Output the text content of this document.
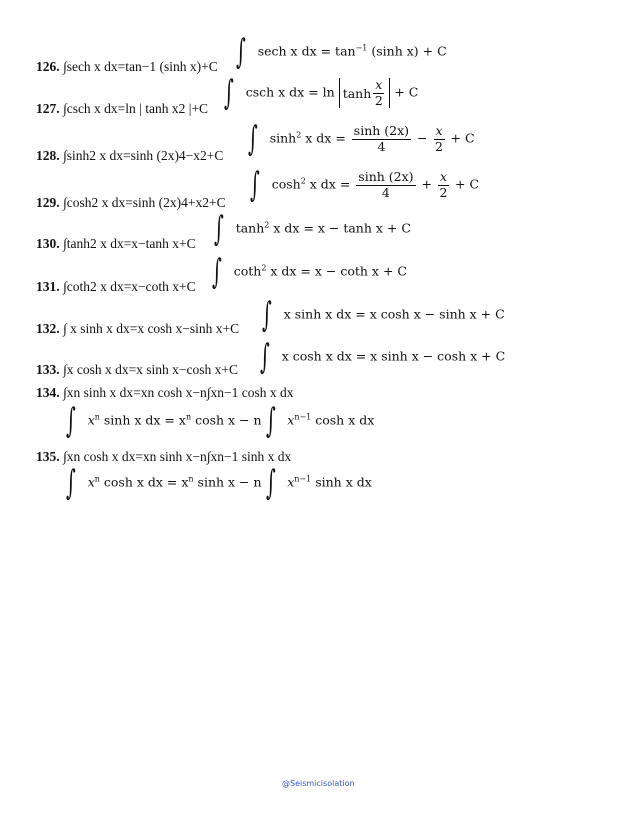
126. ∫sech x dx=tan−1 (sinh x)+C ∫ sech x dx = $\tan^{-1} (\sinh$ x) + C
127. ∫csch x dx=ln | tanh x2 |+C ∫ csch x dx = $\ln \tanh \frac{x}{2} + C$
128. ∫sinh2 x dx=sinh (2x)4−x2+C ∫ $\sinh^2 x$ dx = $\frac{\sinh (2x)}{4} - \frac{x}{2} + C$
129. ∫cosh2 x dx=sinh (2x)4+x2+C ∫ $\cosh^2 x$ dx = $\frac{\sinh (2x)}{4} + \frac{x}{2} + C$
130. ∫tanh2 x dx=x−tanh x+C ∫ $\tanh^2 x$ dx = x − tanh x + C
131. ∫coth2 x dx=x−coth x+C ∫ coth$^2$ x dx = x − coth x + C
132. ∫ x sinh x dx=x cosh x−sinh x+C ∫ x sinh x dx = x cosh x − sinh x + C
133. ∫x cosh x dx=x sinh x−cosh x+C ∫ x cosh x dx = x sinh x − cosh x + C
134. ∫xn sinh x dx=xn cosh x−n∫xn−1 cosh x dx
∫ $x^n$ sinh x dx = $x^n$ cosh x − n ∫ $x^{n-1}$ cosh x dx
135. ∫xn cosh x dx=xn sinh x−n∫xn−1 sinh x dx
∫ $x^n$ cosh x dx = $x^n$ sinh x − n ∫ $x^{n-1}$ sinh x dx
@Seismicisolation
